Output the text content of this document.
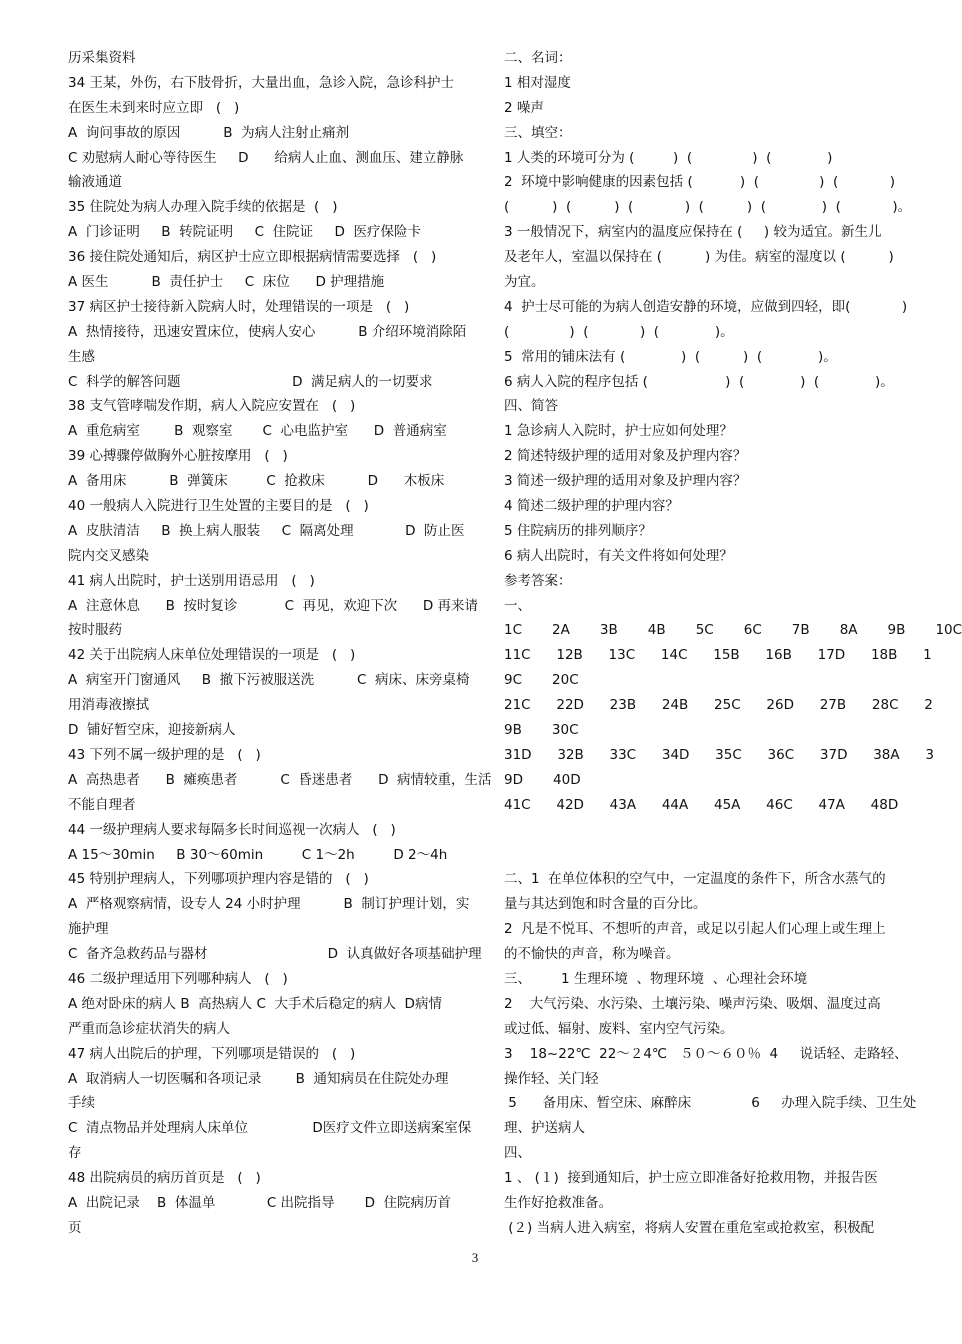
历采集资料
34 王某，外伤，右下肢骨折，大量出血，急诊入院，急诊科护士
在医生未到来时应立即   (   )
A  询问事故的原因          B  为病人注射止痛剂
C 劝慰病人耐心等待医生     D      给病人止血、测血压、建立静脉
输液通道
35 住院处为病人办理入院手续的依据是  (   )
A  门诊证明     B  转院证明     C  住院证     D  医疗保险卡
36 接住院处通知后，病区护士应立即根据病情需要选择   (   )
A 医生          B  责任护士     C  床位      D 护理措施
37 病区护士接待新入院病人时，处理错误的一项是   (   )
A  热情接待，迅速安置床位，使病人安心          B 介绍环境消除陌
生感
C  科学的解答问题                          D  满足病人的一切要求
38 支气管哮喘发作期，病人入院应安置在   (   )
A  重危病室        B  观察室       C  心电监护室      D  普通病室
39 心搏骤停做胸外心脏按摩用   (   )
A  备用床          B  弹簧床         C  抢救床          D      木板床
40 一般病人入院进行卫生处置的主要目的是   (   )
A  皮肤清洁     B  换上病人服装     C  隔离处理            D  防止医
院内交叉感染
41 病人出院时，护士送别用语忌用   (   )
A  注意休息      B  按时复诊           C  再见，欢迎下次      D 再来请
按时服药
42 关于出院病人床单位处理错误的一项是   (   )
A  病室开门窗通风     B  撤下污被服送洗          C  病床、床旁桌椅
用消毒液擦拭
D  铺好暂空床，迎接新病人
43 下列不属一级护理的是   (   )
A  高热患者      B  瘫痪患者          C  昏迷患者      D  病情较重，生活
不能自理者
44 一级护理病人要求每隔多长时间巡视一次病人   (   )
A 15～30min     B 30～60min         C 1～2h         D 2～4h
45 特别护理病人，下列哪项护理内容是错的   (   )
A  严格观察病情，设专人 24 小时护理          B  制订护理计划，实
施护理
C  备齐急救药品与器材                            D  认真做好各项基础护理
46 二级护理适用下列哪种病人   (   )
A 绝对卧床的病人 B  高热病人 C  大手术后稳定的病人  D病情
严重而急诊症状消失的病人
47 病人出院后的护理，下列哪项是错误的   (   )
A  取消病人一切医嘱和各项记录        B  通知病员在住院处办理
手续
C  清点物品并处理病人床单位               D医疗文件立即送病案室保
存
48 出院病员的病历首页是   (   )
A  出院记录    B  体温单            C 出院指导       D  住院病历首
页
二、名词：
1 相对湿度
2 噪声
三、填空：
1 人类的环境可分为 (         )  (              )  (             )
2  环境中影响健康的因素包括 (           )  (              )  (            )
(          )  (          )  (            )  (          )  (             )  (            )。
3 一般情况下，病室内的温度应保持在 (     ) 较为适宜。新生儿
及老年人，室温以保持在 (          ) 为佳。病室的湿度以 (          )
为宜。
4  护士尽可能的为病人创造安静的环境，应做到四轻，即(            )
(              )  (            )  (             )。
5  常用的铺床法有 (             )  (          )  (             )。
6 病人入院的程序包括 (                  )  (             )  (             )。
四、简答
1 急诊病人入院时，护士应如何处理？
2 简述特级护理的适用对象及护理内容？
3 简述一级护理的适用对象及护理内容？
4 简述二级护理的护理内容？
5 住院病历的排列顺序？
6 病人出院时，有关文件将如何处理？
参考答案：
一、
1C       2A       3B       4B       5C       6C       7B       8A       9B       10C
11C      12B      13C      14C      15B      16B      17D      18B      1
9C       20C
21C      22D      23B      24B      25C      26D      27B      28C      2
9B       30C
31D      32B      33C      34D      35C      36C      37D      38A      3
9D       40D
41C      42D      43A      44A      45A      46C      47A      48D
二、1  在单位体积的空气中，一定温度的条件下，所含水蒸气的
量与其达到饱和时含量的百分比。
2  凡是不悦耳、不想听的声音，或足以引起人们心理上或生理上
的不愉快的声音，称为噪音。
三、       1 生理环境  、物理环境  、心理社会环境
2    大气污染、水污染、土壤污染、噪声污染、吸烟、温度过高
或过低、辐射、废料、室内空气污染。
3    18~22℃  22～２4℃   ５０～６０％  4     说话轻、走路轻、
操作轻、关门轻
5      备用床、暂空床、麻醉床              6     办理入院手续、卫生处
理、护送病人
四、
1 、 (１)  接到通知后，护士应立即准备好抢救用物，并报告医
生作好抢救准备。
(２) 当病人进入病室，将病人安置在重危室或抢救室，积极配
3
